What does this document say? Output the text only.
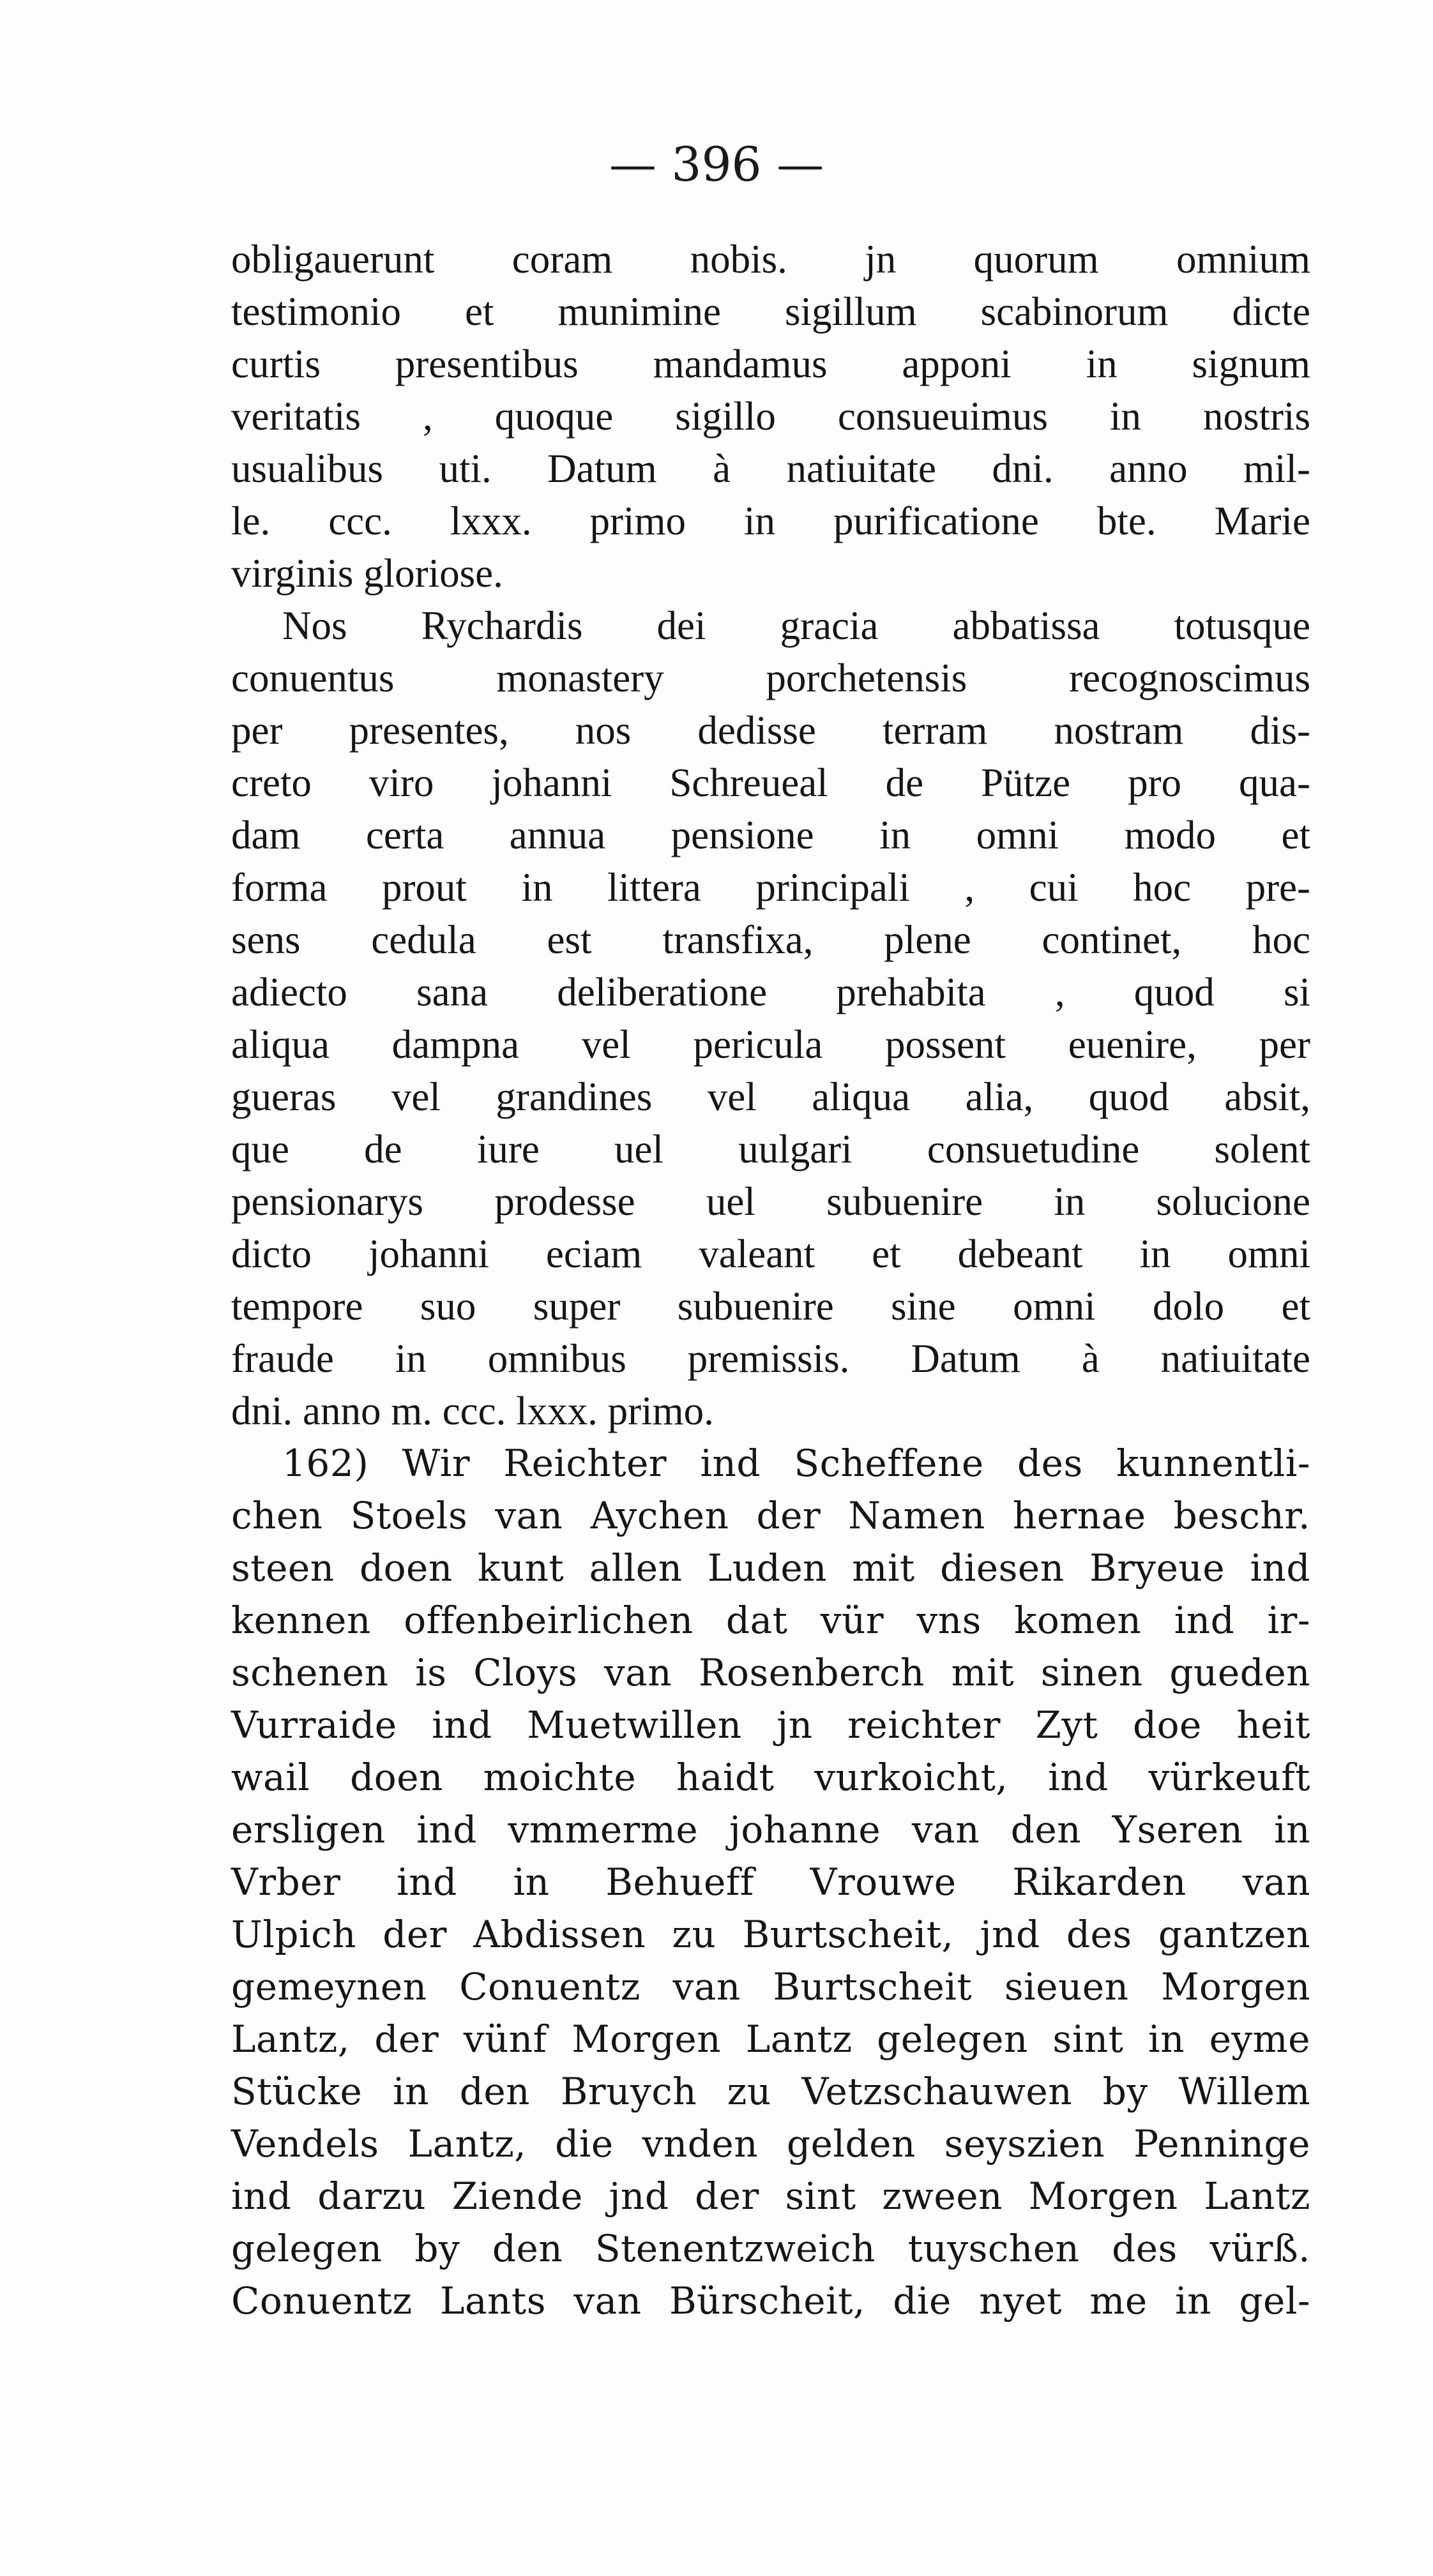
— 396 —
obligauerunt coram nobis. jn quorum omnium
testimonio et munimine sigillum scabinorum dicte
curtis presentibus mandamus apponi in signum
veritatis , quoque sigillo consueuimus in nostris
usualibus uti. Datum à natiuitate dni. anno mil-
le. ccc. lxxx. primo in purificatione bte. Marie
virginis gloriose.
Nos Rychardis dei gracia abbatissa totusque
conuentus monastery porchetensis recognoscimus
per presentes, nos dedisse terram nostram dis-
creto viro johanni Schreueal de Pütze pro qua-
dam certa annua pensione in omni modo et
forma prout in littera principali , cui hoc pre-
sens cedula est transfixa, plene continet, hoc
adiecto sana deliberatione prehabita , quod si
aliqua dampna vel pericula possent euenire, per
gueras vel grandines vel aliqua alia, quod absit,
que de iure uel uulgari consuetudine solent
pensionarys prodesse uel subuenire in solucione
dicto johanni eciam valeant et debeant in omni
tempore suo super subuenire sine omni dolo et
fraude in omnibus premissis. Datum à natiuitate
dni. anno m. ccc. lxxx. primo.
162) Wir Reichter ind Scheffene des kunnentli-
chen Stoels van Aychen der Namen hernae beschr.
steen doen kunt allen Luden mit diesen Bryeue ind
kennen offenbeirlichen dat vür vns komen ind ir-
schenen is Cloys van Rosenberch mit sinen gueden
Vurraide ind Muetwillen jn reichter Zyt doe heit
wail doen moichte haidt vurkoicht, ind vürkeuft
ersligen ind vmmerme johanne van den Yseren in
Vrber ind in Behueff Vrouwe Rikarden van
Ulpich der Abdissen zu Burtscheit, jnd des gantzen
gemeynen Conuentz van Burtscheit sieuen Morgen
Lantz, der vünf Morgen Lantz gelegen sint in eyme
Stücke in den Bruych zu Vetzschauwen by Willem
Vendels Lantz, die vnden gelden seyszien Penninge
ind darzu Ziende jnd der sint zween Morgen Lantz
gelegen by den Stenentzweich tuyschen des vürß.
Conuentz Lants van Bürscheit, die nyet me in gel-
